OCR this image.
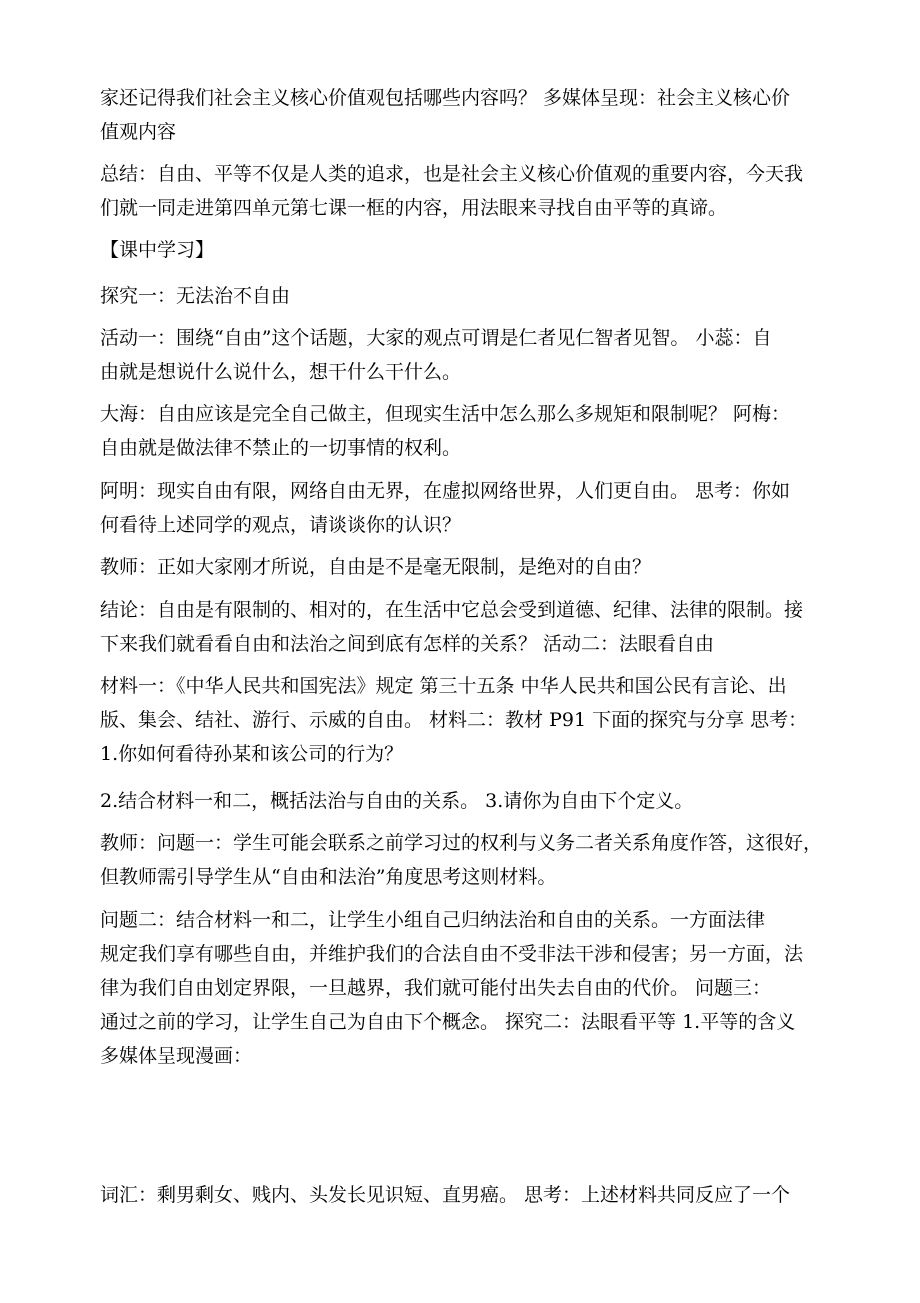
家还记得我们社会主义核心价值观包括哪些内容吗？ 多媒体呈现：社会主义核心价
值观内容

总结：自由、平等不仅是人类的追求，也是社会主义核心价值观的重要内容，今天我
们就一同走进第四单元第七课一框的内容，用法眼来寻找自由平等的真谛。

【课中学习】

探究一：无法治不自由

活动一：围绕“自由”这个话题，大家的观点可谓是仁者见仁智者见智。 小蕊：自
由就是想说什么说什么，想干什么干什么。

大海：自由应该是完全自己做主，但现实生活中怎么那么多规矩和限制呢？ 阿梅：
自由就是做法律不禁止的一切事情的权利。

阿明：现实自由有限，网络自由无界，在虚拟网络世界，人们更自由。 思考：你如
何看待上述同学的观点，请谈谈你的认识？

教师：正如大家刚才所说，自由是不是毫无限制，是绝对的自由？

结论：自由是有限制的、相对的，在生活中它总会受到道德、纪律、法律的限制。接
下来我们就看看自由和法治之间到底有怎样的关系？ 活动二：法眼看自由

材料一：《中华人民共和国宪法》规定 第三十五条 中华人民共和国公民有言论、出
版、集会、结社、游行、示威的自由。 材料二：教材 P91 下面的探究与分享 思考：
1.你如何看待孙某和该公司的行为？

2.结合材料一和二，概括法治与自由的关系。 3.请你为自由下个定义。

教师：问题一：学生可能会联系之前学习过的权利与义务二者关系角度作答，这很好，
但教师需引导学生从“自由和法治”角度思考这则材料。

问题二：结合材料一和二，让学生小组自己归纳法治和自由的关系。一方面法律
规定我们享有哪些自由，并维护我们的合法自由不受非法干涉和侵害；另一方面，法
律为我们自由划定界限，一旦越界，我们就可能付出失去自由的代价。 问题三：
通过之前的学习，让学生自己为自由下个概念。 探究二：法眼看平等 1.平等的含义
多媒体呈现漫画：

词汇：剩男剩女、贱内、头发长见识短、直男癌。 思考：上述材料共同反应了一个
